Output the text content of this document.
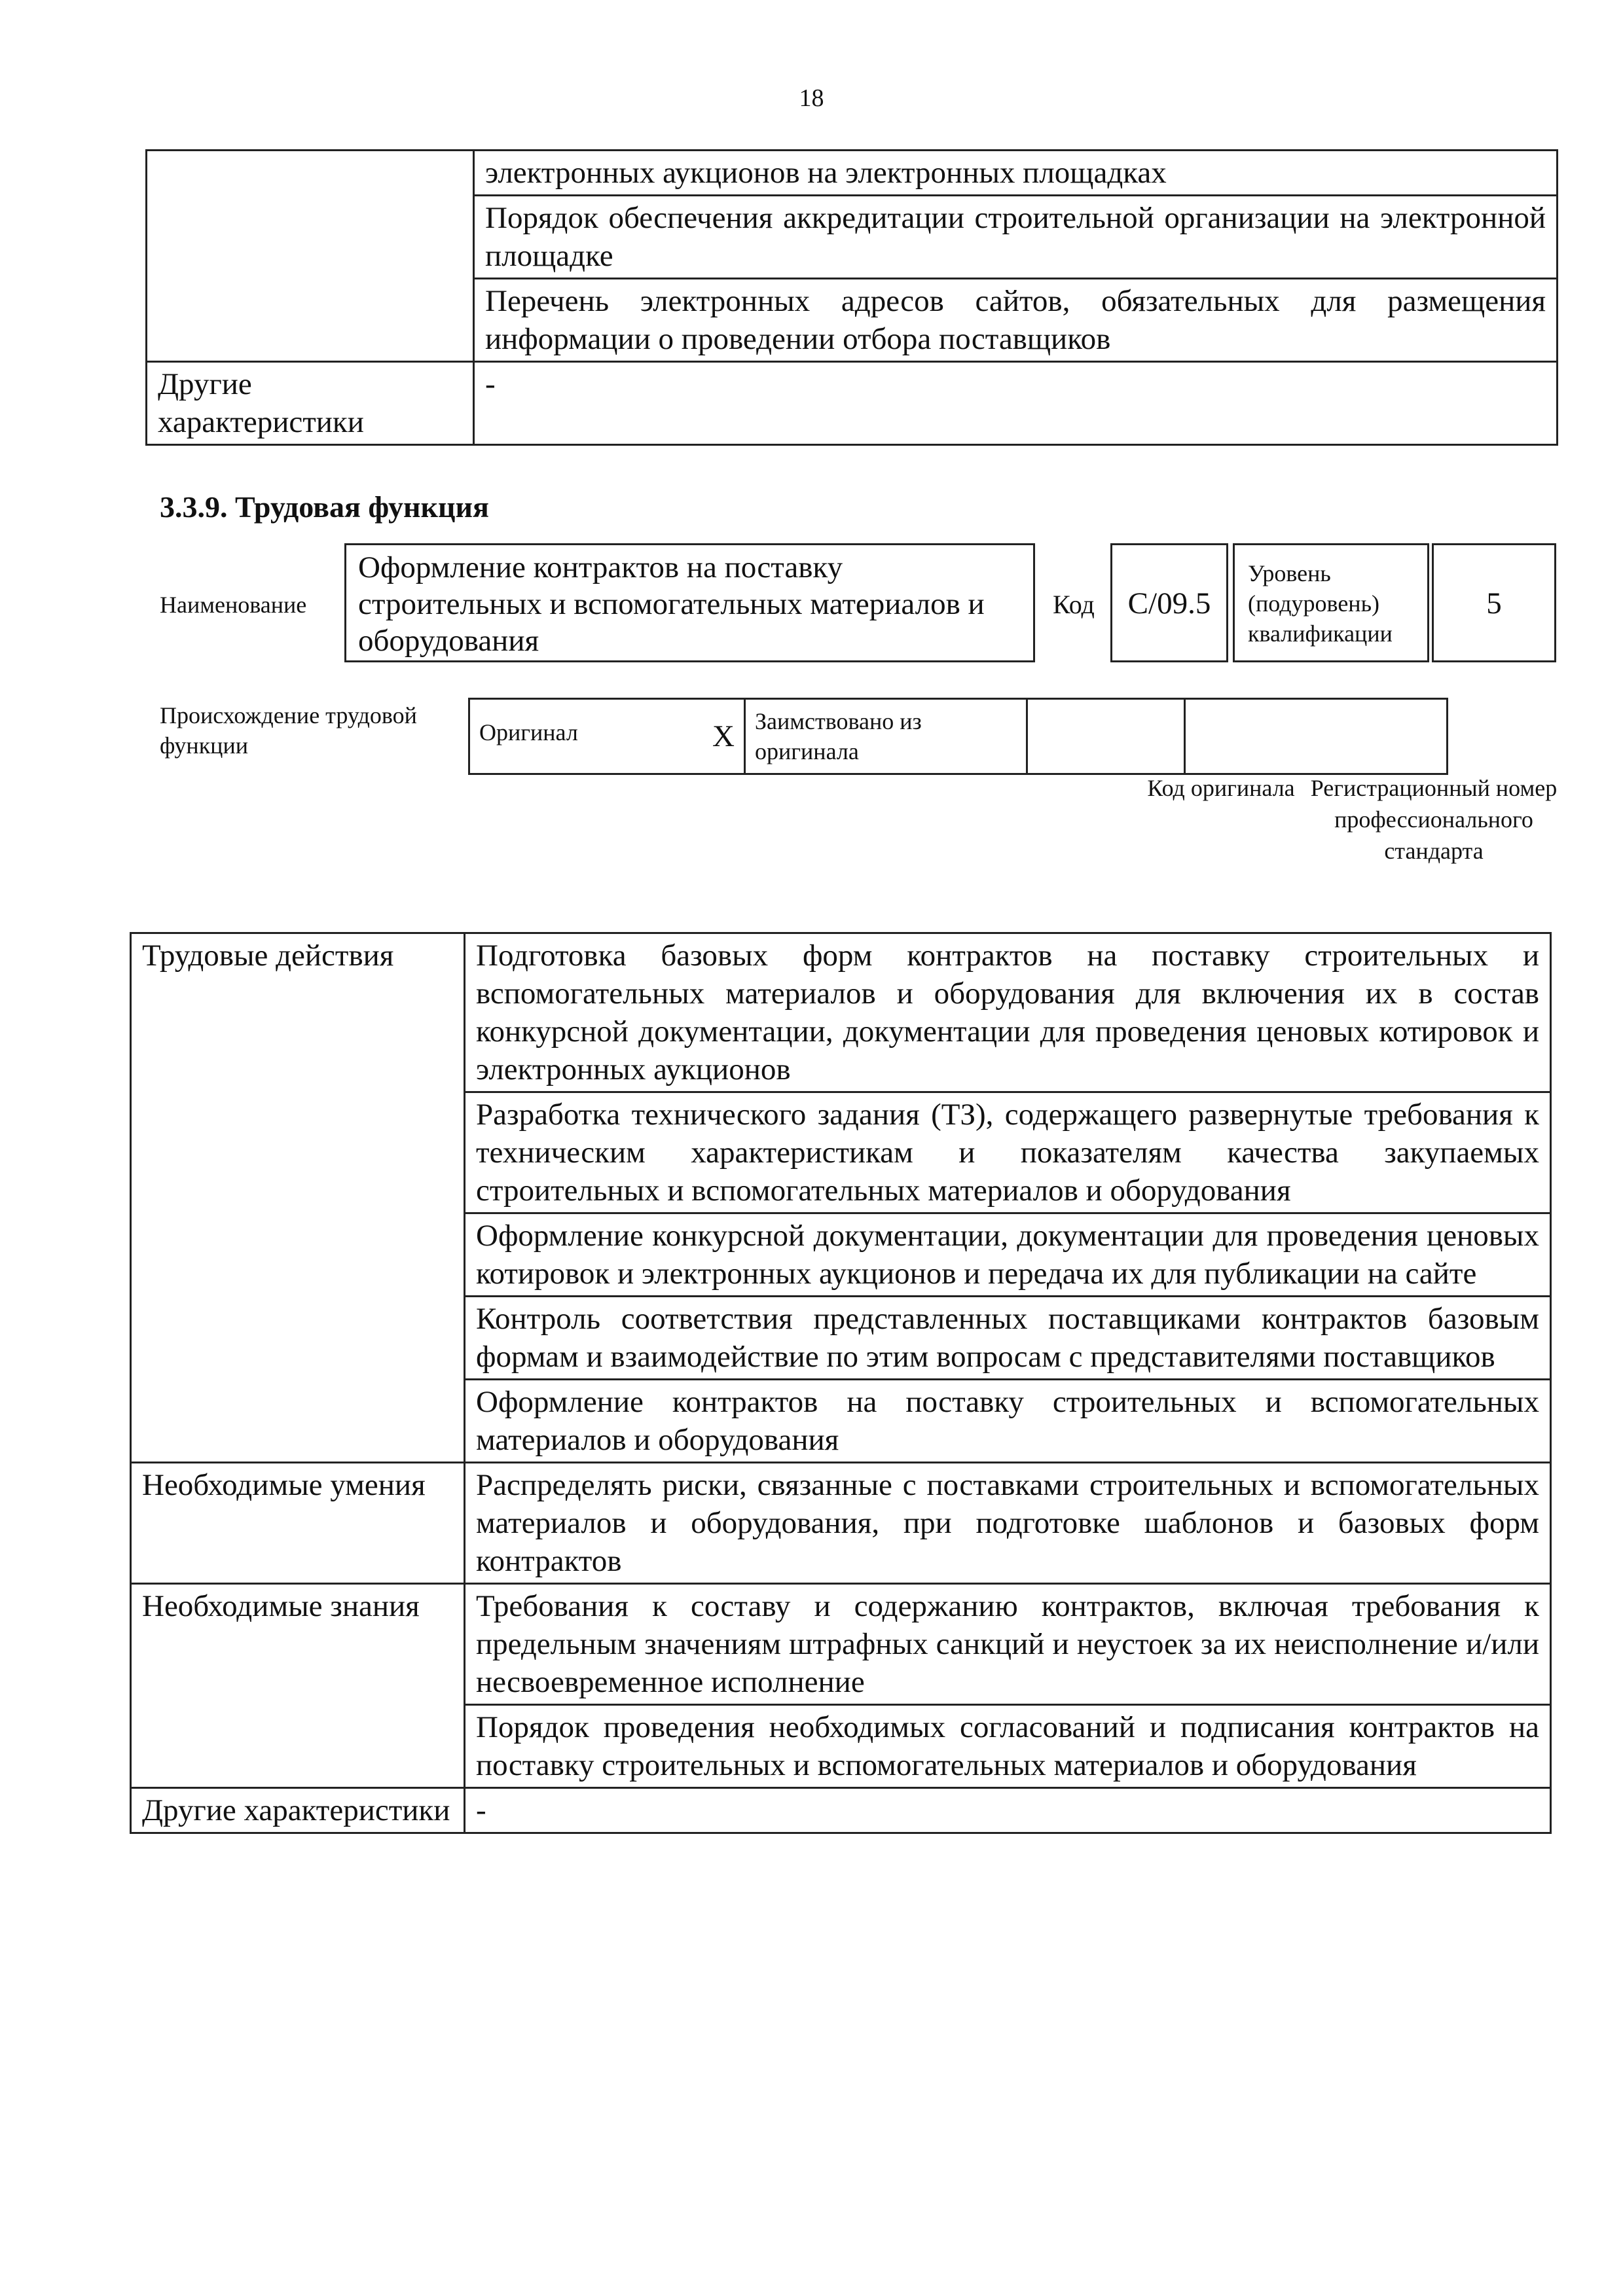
18
	электронных аукционов на электронных площадках
	Порядок обеспечения аккредитации строительной организации на электронной площадке
	Перечень электронных адресов сайтов, обязательных для размещения информации о проведении отбора поставщиков
Другие характеристики	-
3.3.9. Трудовая функция
Наименование
Оформление контрактов на поставку строительных и вспомогательных материалов и оборудования
Код	C/09.5
Уровень (подуровень) квалификации
5
Происхождение трудовой функции	Оригинал	X	Заимствовано из оригинала		
Код оригинала Регистрационный номер профессионального стандарта
Трудовые действия	Подготовка базовых форм контрактов на поставку строительных и вспомогательных материалов и оборудования для включения их в состав конкурсной документации, документации для проведения ценовых котировок и электронных аукционов
	Разработка технического задания (ТЗ), содержащего развернутые требования к техническим характеристикам и показателям качества закупаемых строительных и вспомогательных материалов и оборудования
	Оформление конкурсной документации, документации для проведения ценовых котировок и электронных аукционов и передача их для публикации на сайте
	Контроль соответствия представленных поставщиками контрактов базовым формам и взаимодействие по этим вопросам с представителями поставщиков
	Оформление контрактов на поставку строительных и вспомогательных материалов и оборудования
Необходимые умения	Распределять риски, связанные с поставками строительных и вспомогательных материалов и оборудования, при подготовке шаблонов и базовых форм контрактов
Необходимые знания	Требования к составу и содержанию контрактов, включая требования к предельным значениям штрафных санкций и неустоек за их неисполнение и/или несвоевременное исполнение
	Порядок проведения необходимых согласований и подписания контрактов на поставку строительных и вспомогательных материалов и оборудования
Другие характеристики	-
